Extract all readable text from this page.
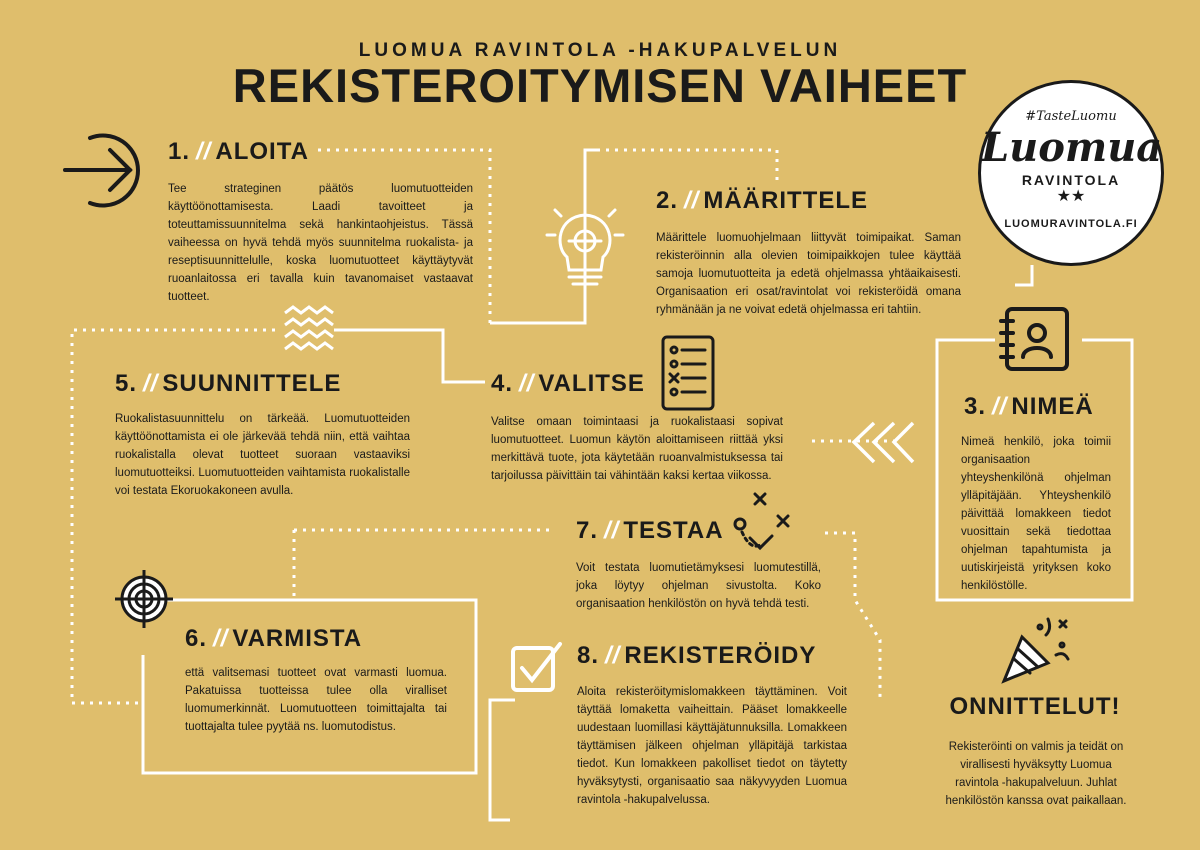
LUOMUA RAVINTOLA -HAKUPALVELUN
REKISTEROITYMISEN VAIHEET
#TasteLuomu
Luomua
RAVINTOLA
★★
LUOMURAVINTOLA.FI
1. // ALOITA
Tee strateginen päätös luomutuotteiden käyttöönottamisesta. Laadi tavoitteet ja toteuttamissuunnitelma sekä hankintaohjeistus. Tässä vaiheessa on hyvä tehdä myös suunnitelma ruokalista- ja reseptisuunnittelulle, koska luomutuotteet käyttäytyvät ruoanlaitossa eri tavalla kuin tavanomaiset vastaavat tuotteet.
2. // MÄÄRITTELE
Määrittele luomuohjelmaan liittyvät toimipaikat. Saman rekisteröinnin alla olevien toimipaikkojen tulee käyttää samoja luomutuotteita ja edetä ohjelmassa yhtäaikaisesti. Organisaation eri osat/ravintolat voi rekisteröidä omana ryhmänään ja ne voivat edetä ohjelmassa eri tahtiin.
3. // NIMEÄ
Nimeä henkilö, joka toimii organisaation yhteyshenkilönä ohjelman ylläpitäjään. Yhteyshenkilö päivittää lomakkeen tiedot vuosittain sekä tiedottaa ohjelman tapahtumista ja uutiskirjeistä yrityksen koko henkilöstölle.
4. // VALITSE
Valitse omaan toimintaasi ja ruokalistaasi sopivat luomutuotteet. Luomun käytön aloittamiseen riittää yksi merkittävä tuote, jota käytetään ruoanvalmistuksessa tai tarjoilussa päivittäin tai vähintään kaksi kertaa viikossa.
5. // SUUNNITTELE
Ruokalistasuunnittelu on tärkeää. Luomutuotteiden käyttöönottamista ei ole järkevää tehdä niin, että vaihtaa ruokalistalla olevat tuotteet suoraan vastaaviksi luomutuotteiksi. Luomutuotteiden vaihtamista ruokalistalle voi testata Ekoruokakoneen avulla.
6. // VARMISTA
että valitsemasi tuotteet ovat varmasti luomua. Pakatuissa tuotteissa tulee olla viralliset luomumerkinnät. Luomutuotteen toimittajalta tai tuottajalta tulee pyytää ns. luomutodistus.
7. // TESTAA
Voit testata luomutietämyksesi luomutestillä, joka löytyy ohjelman sivustolta. Koko organisaation henkilöstön on hyvä tehdä testi.
8. // REKISTERÖIDY
Aloita rekisteröitymislomakkeen täyttäminen. Voit täyttää lomaketta vaiheittain. Pääset lomakkeelle uudestaan luomillasi käyttäjätunnuksilla. Lomakkeen täyttämisen jälkeen ohjelman ylläpitäjä tarkistaa tiedot. Kun lomakkeen pakolliset tiedot on täytetty hyväksytysti, organisaatio saa näkyvyyden Luomua ravintola -hakupalvelussa.
ONNITTELUT!
Rekisteröinti on valmis ja teidät on virallisesti hyväksytty Luomua ravintola -hakupalveluun. Juhlat henkilöstön kanssa ovat paikallaan.
